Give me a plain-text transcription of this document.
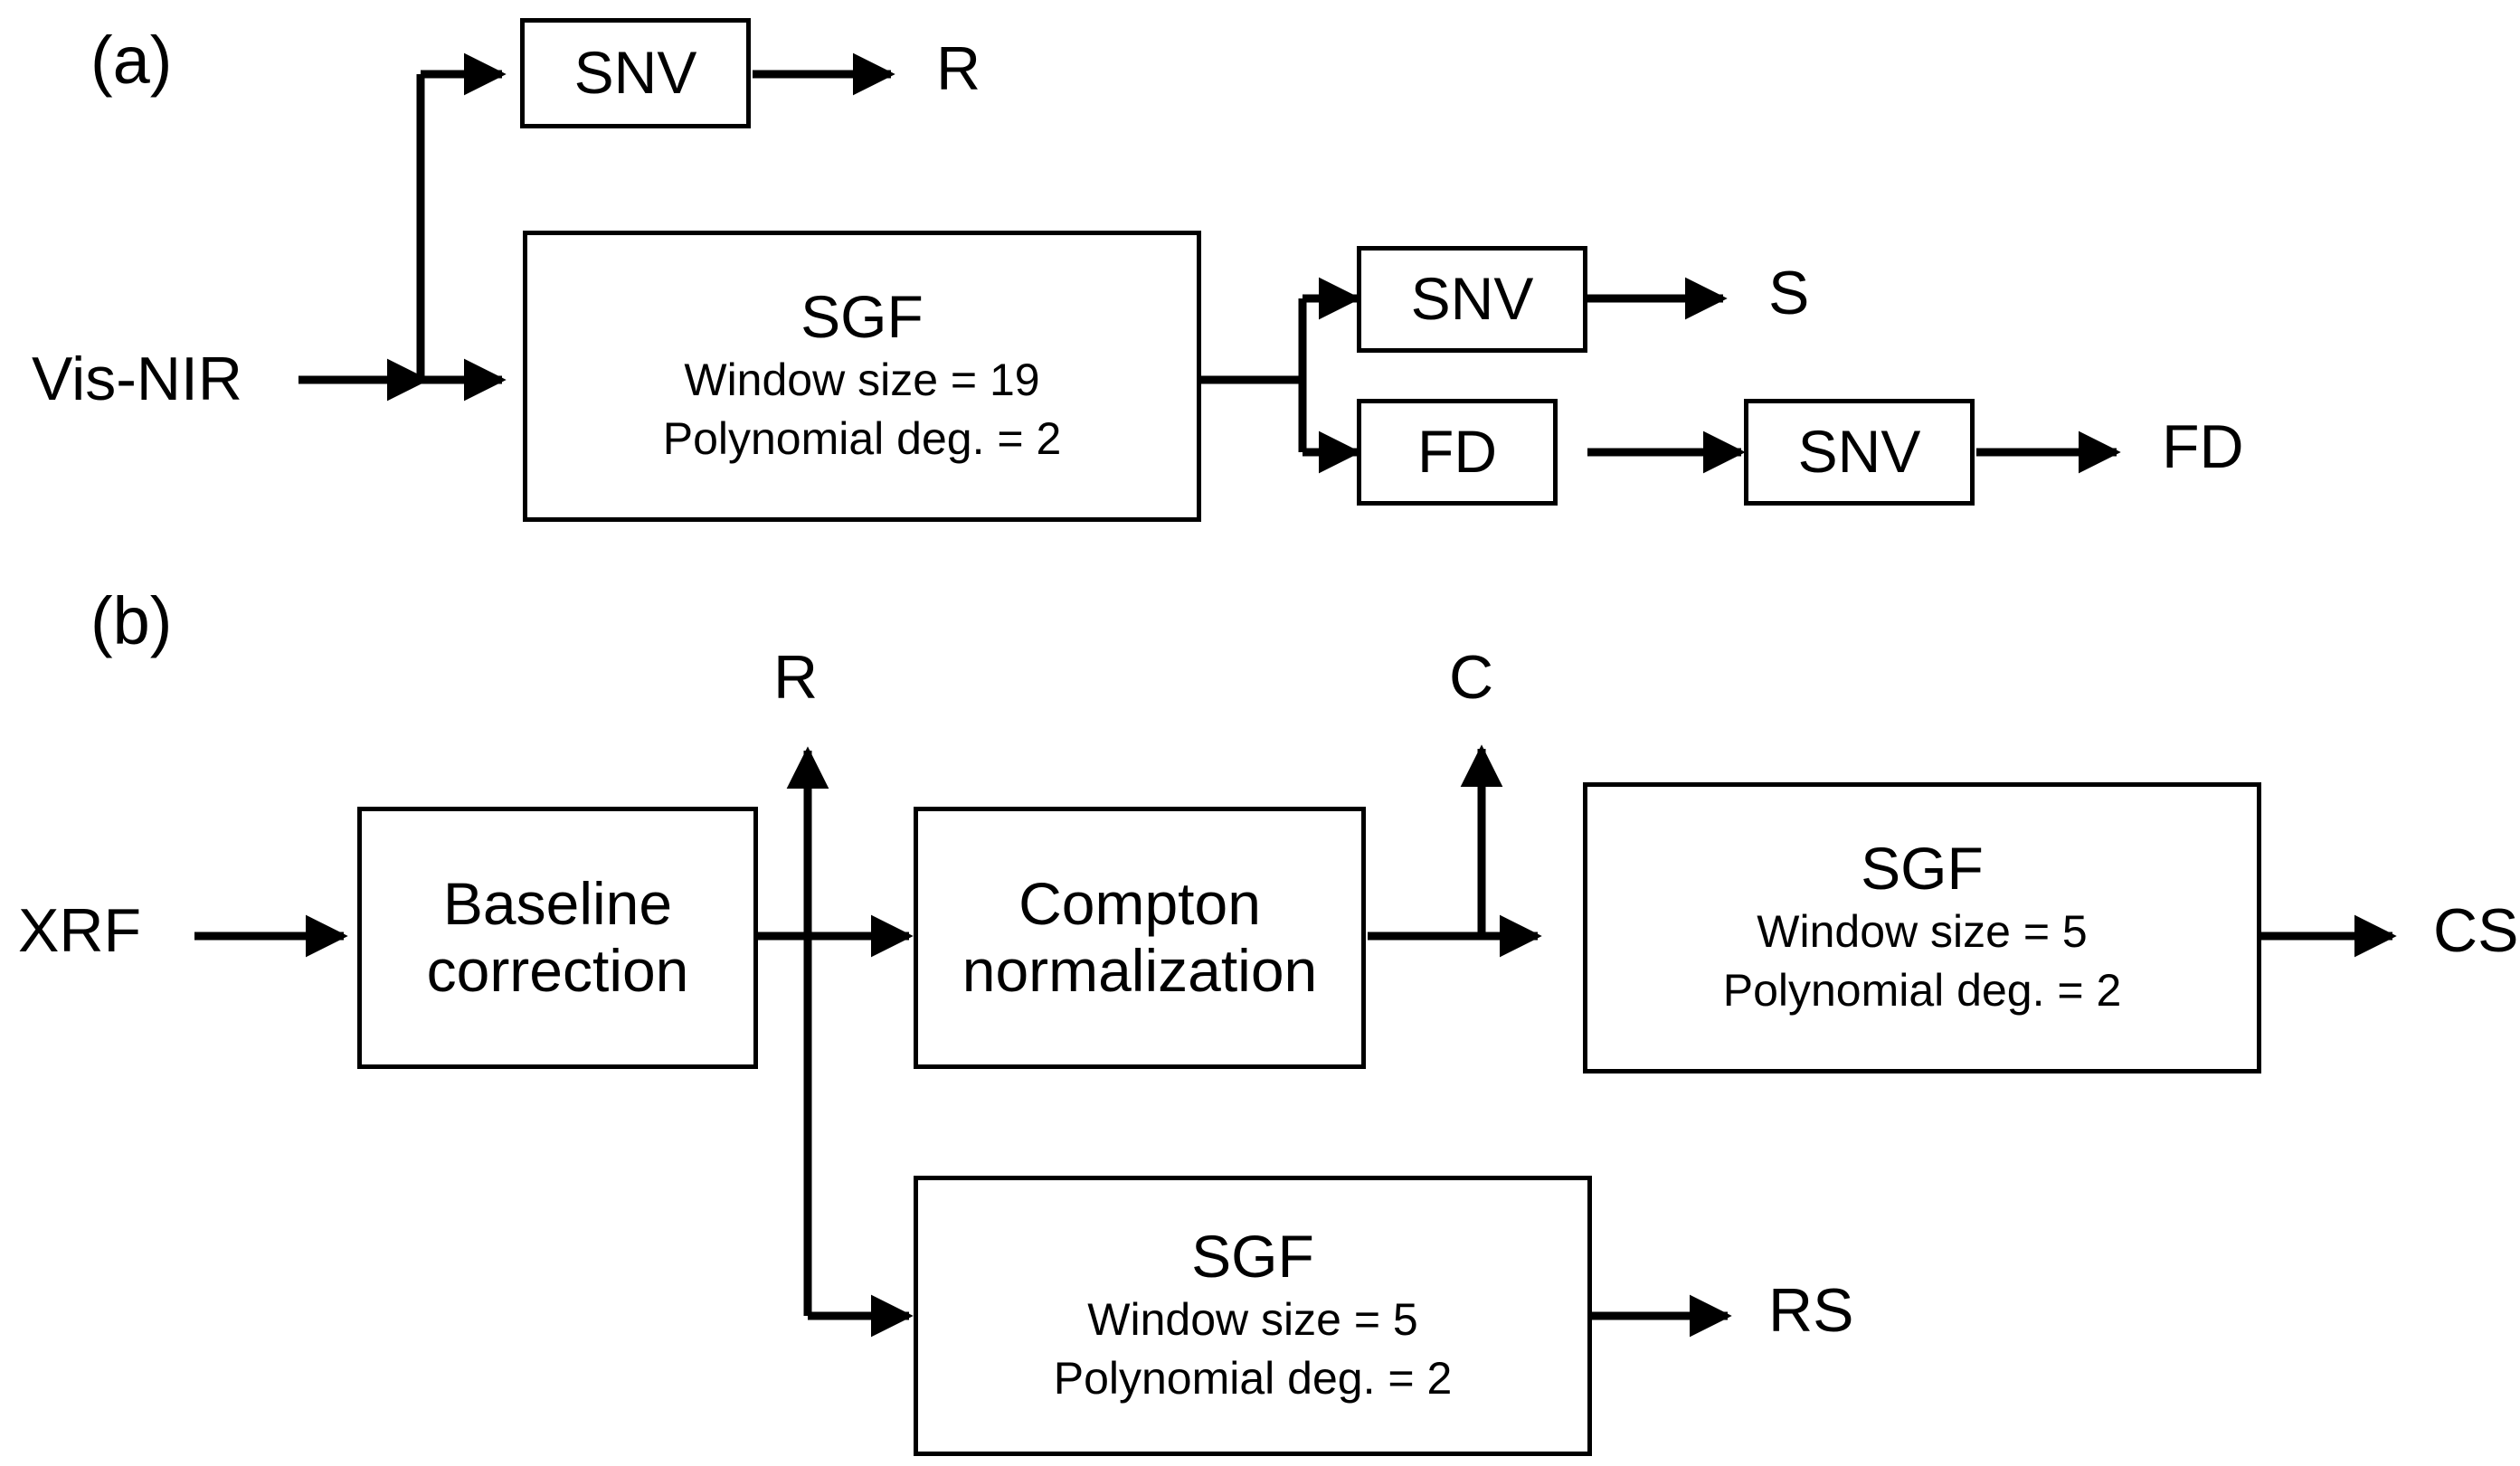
(a)
(b)
Vis-NIR
SNV	R
SGF
Window size = 19
Polynomial deg. = 2
SNV	S
FD	SNV	FD
XRF	Baseline correction
R
Compton normalization
C
SGF
Window size = 5
Polynomial deg. = 2
CS
SGF
Window size = 5
Polynomial deg. = 2
RS
